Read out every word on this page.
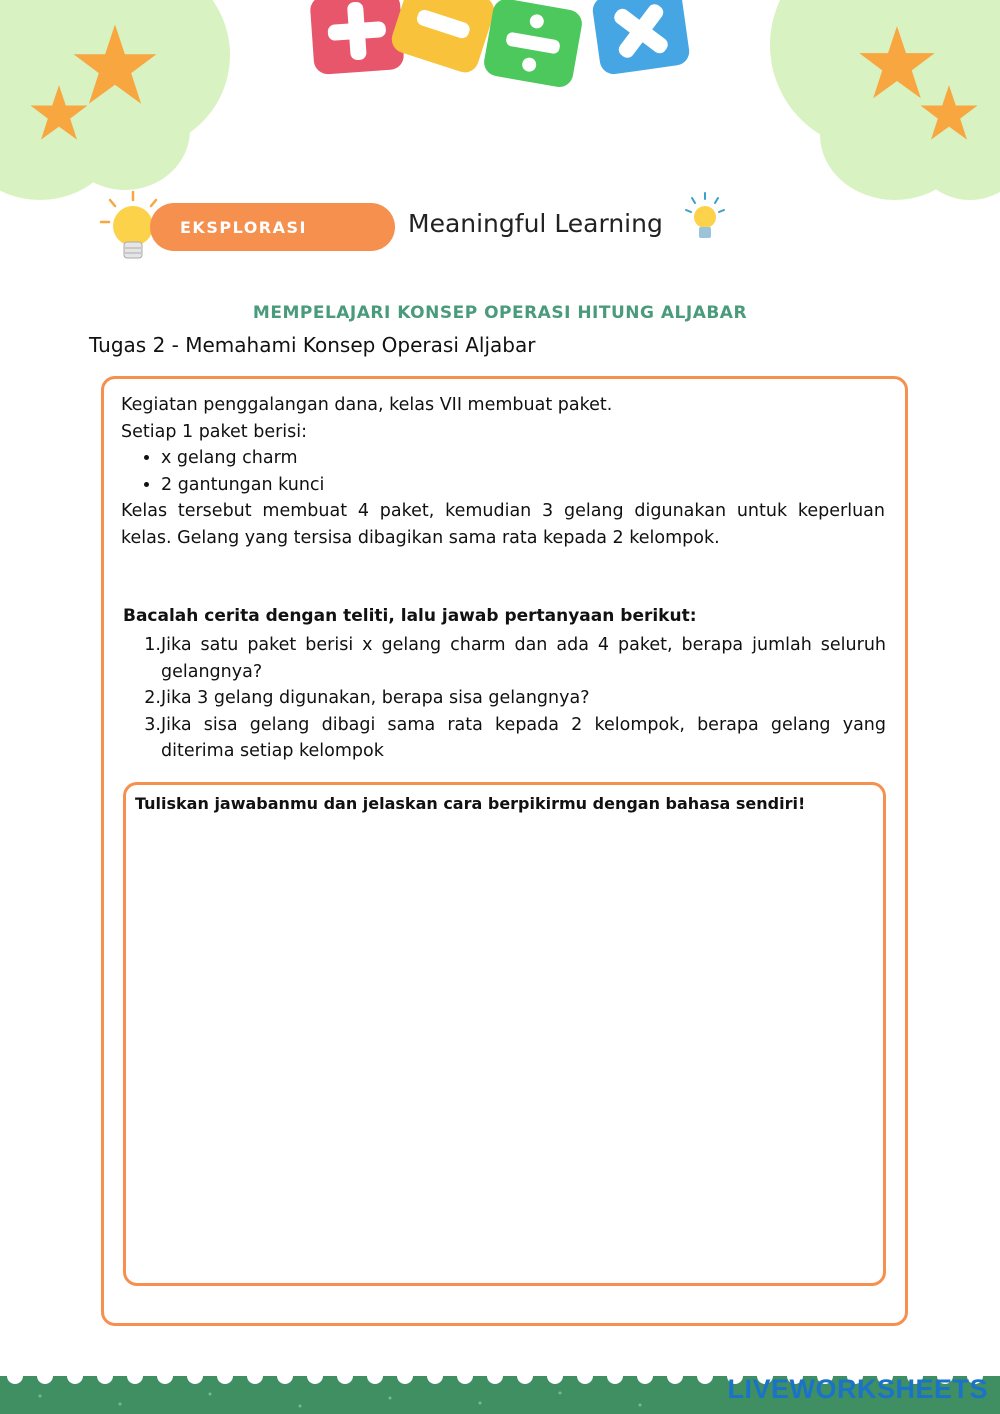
EKSPLORASI	Meaningful Learning
MEMPELAJARI KONSEP OPERASI HITUNG ALJABAR
Tugas 2 - Memahami Konsep Operasi Aljabar

Kegiatan penggalangan dana, kelas VII membuat paket.

Setiap 1 paket berisi:

• x gelang charm
• 2 gantungan kunci

Kelas tersebut membuat 4 paket, kemudian 3 gelang digunakan untuk keperluan kelas. Gelang yang tersisa dibagikan sama rata kepada 2 kelompok.

Bacalah cerita dengan teliti, lalu jawab pertanyaan berikut:
1. Jika satu paket berisi x gelang charm dan ada 4 paket, berapa jumlah seluruh gelangnya?
2. Jika 3 gelang digunakan, berapa sisa gelangnya?
3. Jika sisa gelang dibagi sama rata kepada 2 kelompok, berapa gelang yang diterima setiap kelompok
Tuliskan jawabanmu dan jelaskan cara berpikirmu dengan bahasa sendiri!
LIVEWORKSHEETS
